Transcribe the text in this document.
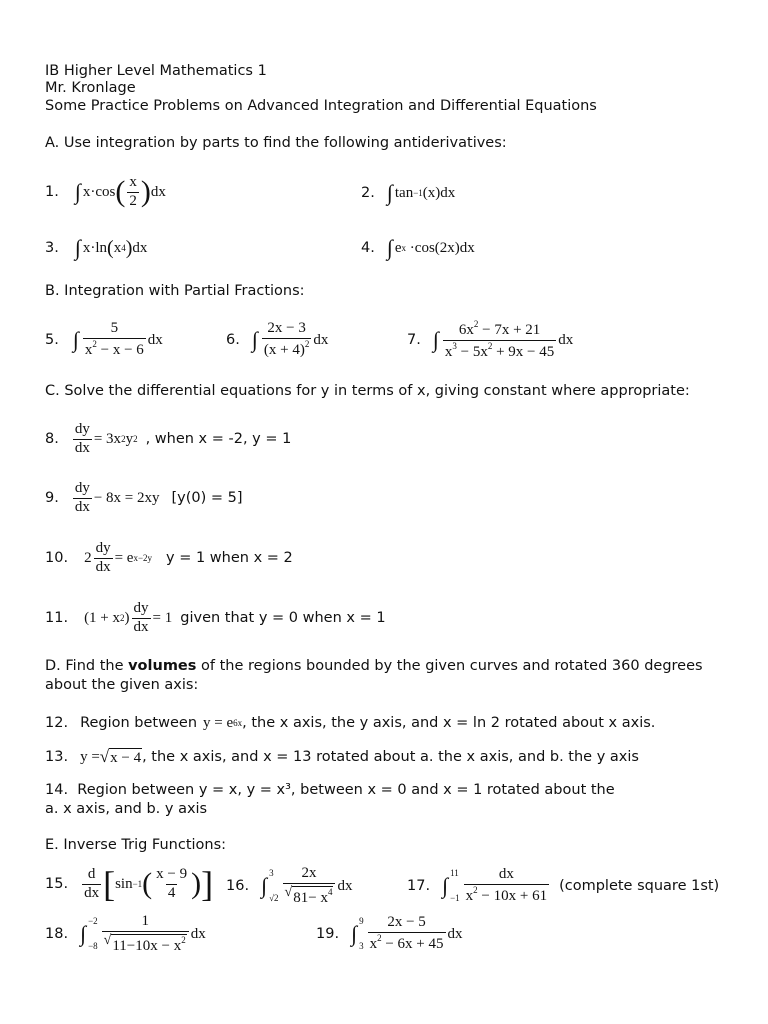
IB Higher Level Mathematics 1
Mr. Kronlage
Some Practice Problems on Advanced Integration and Differential Equations
A. Use integration by parts to find the following antiderivatives:
1. ∫ x·cos ( x
2 ) dx	2. ∫ tan −1 (x)dx
3. ∫ x·ln ( x 4 ) dx	4. ∫ e x ·cos(2x)dx
B. Integration with Partial Fractions:
5. ∫ 5
$x^2 - x - 6$
dx	6. ∫ 2x − 3
$(x + 4)^2$ dx	7. ∫ $6x^2 - 7x + 21$
$x^3 - 5x^2 + 9x - 45$
dx
C. Solve the differential equations for y in terms of x, giving constant where appropriate:
8.
dy
dx
= 3x 2 y 2 , when x = -2, y = 1
9.
dy
dx
− 8x = 2xy [y(0) = 5]
10. 2
dy
dx
= e x−2y y = 1 when x = 2
11. (1 + x 2 )
dy
dx
= 1 given that y = 0 when x = 1
D. Find the volumes of the regions bounded by the given curves and rotated 360 degrees
about the given axis:
12. Region between y = e 6x , the x axis, the y axis, and x = ln 2 rotated about x axis.
13. y = √ x − 4 , the x axis, and x = 13 rotated about a. the x axis, and b. the y axis
14. Region between y = x, y = x³, between x = 0 and x = 1 rotated about the
a. x axis, and b. y axis
E. Inverse Trig Functions:
15.
d
dx [ sin −1 ( x − 9
4 ) ] 16. ∫ 3
√2
2x
√ $81- x^4$ dx	17. ∫ 11
−1
dx
$x^2 - 10x + 61$
(complete square 1st)
18. ∫ −2
−8
1
√ $11-10x - x^2$ dx	19. ∫ 9
3
2x − 5
$x^2 - 6x + 45$
dx
